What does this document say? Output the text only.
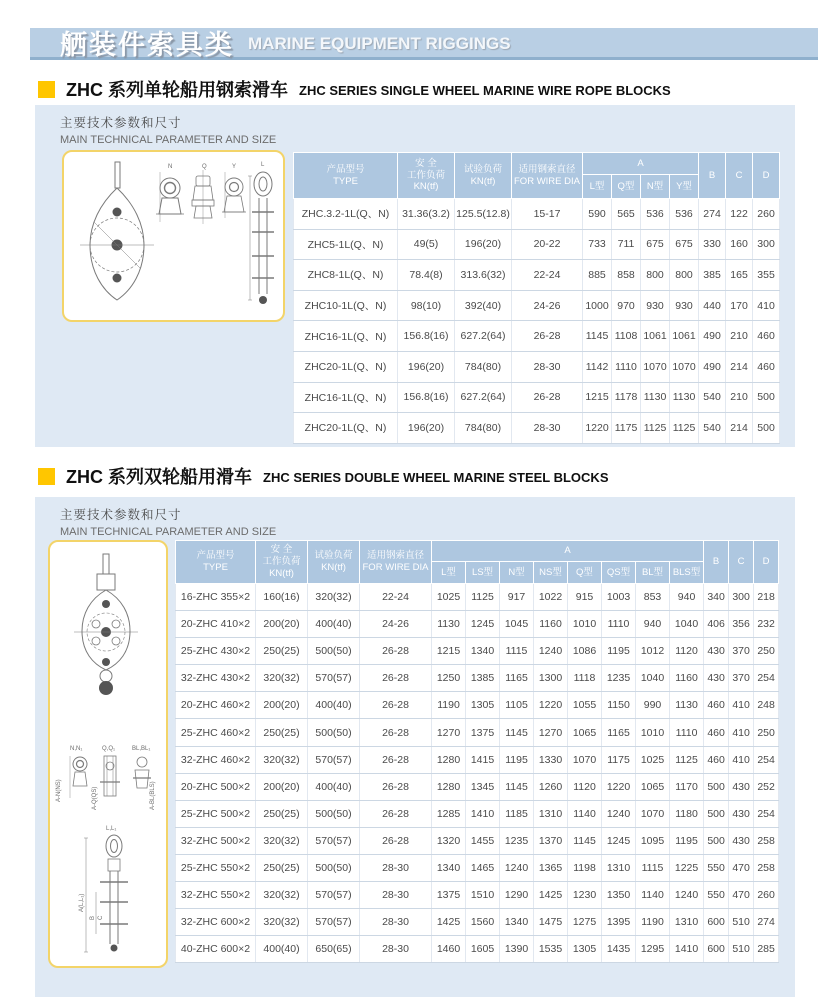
舾装件索具类 MARINE EQUIPMENT RIGGINGS
ZHC 系列单轮船用钢索滑车 ZHC SERIES SINGLE WHEEL MARINE WIRE ROPE BLOCKS
主要技术参数和尺寸
MAIN TECHNICAL PARAMETER AND SIZE
N	Q	Y	L	产品型号
TYPE	安 全
工作负荷
KN(tf)	试验负荷
KN(tf)	适用钢索直径
FOR WIRE DIA	A				B	C	D
				L型	Q型	N型	Y型			
ZHC.3.2-1L(Q、N)	31.36(3.2)	125.5(12.8)	15-17	590	565	536	536	274	122	260
ZHC5-1L(Q、N)	49(5)	196(20)	20-22	733	711	675	675	330	160	300
ZHC8-1L(Q、N)	78.4(8)	313.6(32)	22-24	885	858	800	800	385	165	355
ZHC10-1L(Q、N)	98(10)	392(40)	24-26	1000	970	930	930	440	170	410
ZHC16-1L(Q、N)	156.8(16)	627.2(64)	26-28	1145	1108	1061	1061	490	210	460
ZHC20-1L(Q、N)	196(20)	784(80)	28-30	1142	1110	1070	1070	490	214	460
ZHC16-1L(Q、N)	156.8(16)	627.2(64)	26-28	1215	1178	1130	1130	540	210	500
ZHC20-1L(Q、N)	196(20)	784(80)	28-30	1220	1175	1125	1125	540	214	500
ZHC 系列双轮船用滑车 ZHC SERIES DOUBLE WHEEL MARINE STEEL BLOCKS
主要技术参数和尺寸
MAIN TECHNICAL PARAMETER AND SIZE
N,N₁	Q,Q₁	BL,BL₁
A-N(NS)	A-Q(QS)	A-BL(BLS)
L,L₁
A(L,L₁)
B C
产品型号
TYPE	安 全
工作负荷
KN(tf)	试验负荷
KN(tf)	适用钢索直径
FOR WIRE DIA	A								B	C	D
				L型	LS型	N型	NS型	Q型	QS型	BL型	BLS型			
16-ZHC 355×2	160(16)	320(32)	22-24	1025	1125	917	1022	915	1003	853	940	340	300	218
20-ZHC 410×2	200(20)	400(40)	24-26	1130	1245	1045	1160	1010	1110	940	1040	406	356	232
25-ZHC 430×2	250(25)	500(50)	26-28	1215	1340	1115	1240	1086	1195	1012	1120	430	370	250
32-ZHC 430×2	320(32)	570(57)	26-28	1250	1385	1165	1300	1118	1235	1040	1160	430	370	254
20-ZHC 460×2	200(20)	400(40)	26-28	1190	1305	1105	1220	1055	1150	990	1130	460	410	248
25-ZHC 460×2	250(25)	500(50)	26-28	1270	1375	1145	1270	1065	1165	1010	1110	460	410	250
32-ZHC 460×2	320(32)	570(57)	26-28	1280	1415	1195	1330	1070	1175	1025	1125	460	410	254
20-ZHC 500×2	200(20)	400(40)	26-28	1280	1345	1145	1260	1120	1220	1065	1170	500	430	252
25-ZHC 500×2	250(25)	500(50)	26-28	1285	1410	1185	1310	1140	1240	1070	1180	500	430	254
32-ZHC 500×2	320(32)	570(57)	26-28	1320	1455	1235	1370	1145	1245	1095	1195	500	430	258
25-ZHC 550×2	250(25)	500(50)	28-30	1340	1465	1240	1365	1198	1310	1115	1225	550	470	258
32-ZHC 550×2	320(32)	570(57)	28-30	1375	1510	1290	1425	1230	1350	1140	1240	550	470	260
32-ZHC 600×2	320(32)	570(57)	28-30	1425	1560	1340	1475	1275	1395	1190	1310	600	510	274
40-ZHC 600×2	400(40)	650(65)	28-30	1460	1605	1390	1535	1305	1435	1295	1410	600	510	285
